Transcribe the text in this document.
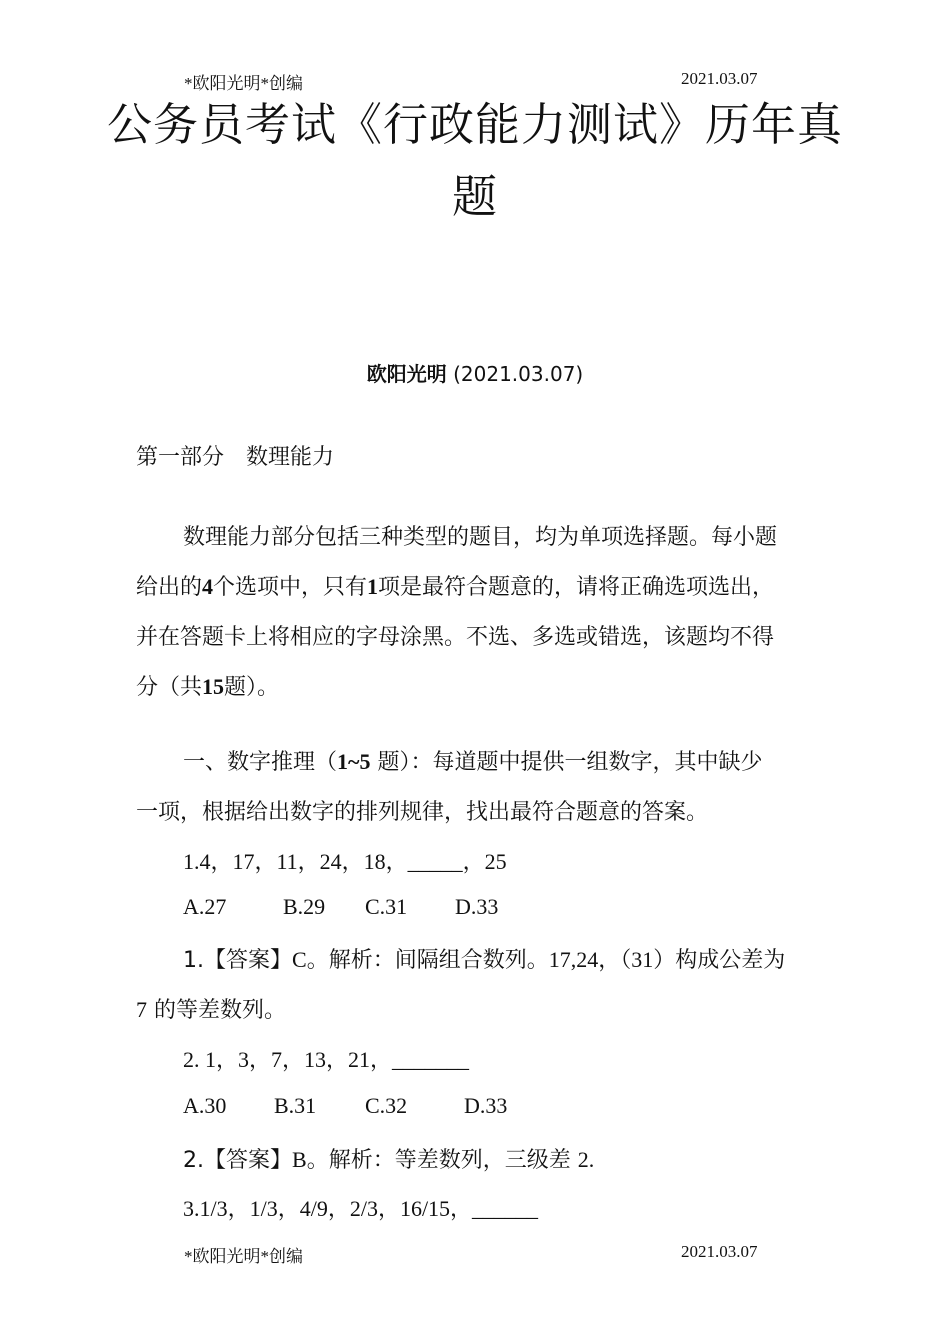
*欧阳光明*创编	2021.03.07
公务员考试《行政能力测试》历年真
题
欧阳光明 (2021.03.07)
第一部分　数理能力
数理能力部分包括三种类型的题目，均为单项选择题。每小题
给出的4个选项中，只有1项是最符合题意的，请将正确选项选出，
并在答题卡上将相应的字母涂黑。不选、多选或错选，该题均不得
分（共15题）。
一、数字推理（1~5 题）：每道题中提供一组数字，其中缺少
一项，根据给出数字的排列规律，找出最符合题意的答案。
1.4，17，11，24，18，_____，25
A.27	B.29 C.31 D.33
1.【答案】C。解析：间隔组合数列。17,24，（31）构成公差为
7 的等差数列。
2. 1，3，7，13，21，_______
A.30 B.31 C.32	D.33
2.【答案】B。解析：等差数列，三级差 2.
3.1/3，1/3，4/9，2/3，16/15，______
*欧阳光明*创编	2021.03.07
